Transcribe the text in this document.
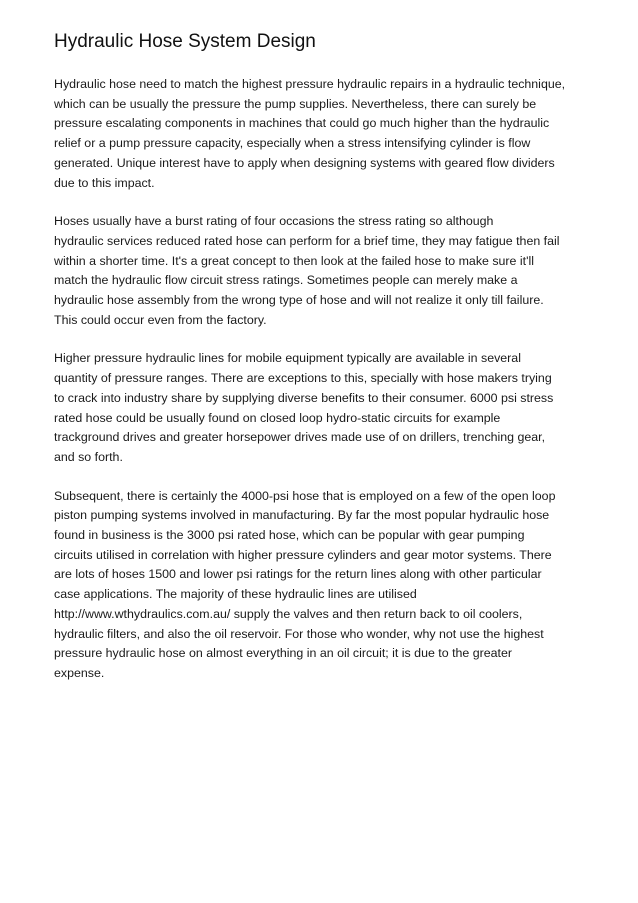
Hydraulic Hose System Design

Hydraulic hose need to match the highest pressure hydraulic repairs in a hydraulic technique,
which can be usually the pressure the pump supplies. Nevertheless, there can surely be
pressure escalating components in machines that could go much higher than the hydraulic
relief or a pump pressure capacity, especially when a stress intensifying cylinder is flow
generated. Unique interest have to apply when designing systems with geared flow dividers
due to this impact.

Hoses usually have a burst rating of four occasions the stress rating so although
hydraulic services reduced rated hose can perform for a brief time, they may fatigue then fail
within a shorter time. It's a great concept to then look at the failed hose to make sure it'll
match the hydraulic flow circuit stress ratings. Sometimes people can merely make a
hydraulic hose assembly from the wrong type of hose and will not realize it only till failure.
This could occur even from the factory.

Higher pressure hydraulic lines for mobile equipment typically are available in several
quantity of pressure ranges. There are exceptions to this, specially with hose makers trying
to crack into industry share by supplying diverse benefits to their consumer. 6000 psi stress
rated hose could be usually found on closed loop hydro-static circuits for example
trackground drives and greater horsepower drives made use of on drillers, trenching gear,
and so forth.

Subsequent, there is certainly the 4000-psi hose that is employed on a few of the open loop
piston pumping systems involved in manufacturing. By far the most popular hydraulic hose
found in business is the 3000 psi rated hose, which can be popular with gear pumping
circuits utilised in correlation with higher pressure cylinders and gear motor systems. There
are lots of hoses 1500 and lower psi ratings for the return lines along with other particular
case applications. The majority of these hydraulic lines are utilised
http://www.wthydraulics.com.au/ supply the valves and then return back to oil coolers,
hydraulic filters, and also the oil reservoir. For those who wonder, why not use the highest
pressure hydraulic hose on almost everything in an oil circuit; it is due to the greater
expense.
